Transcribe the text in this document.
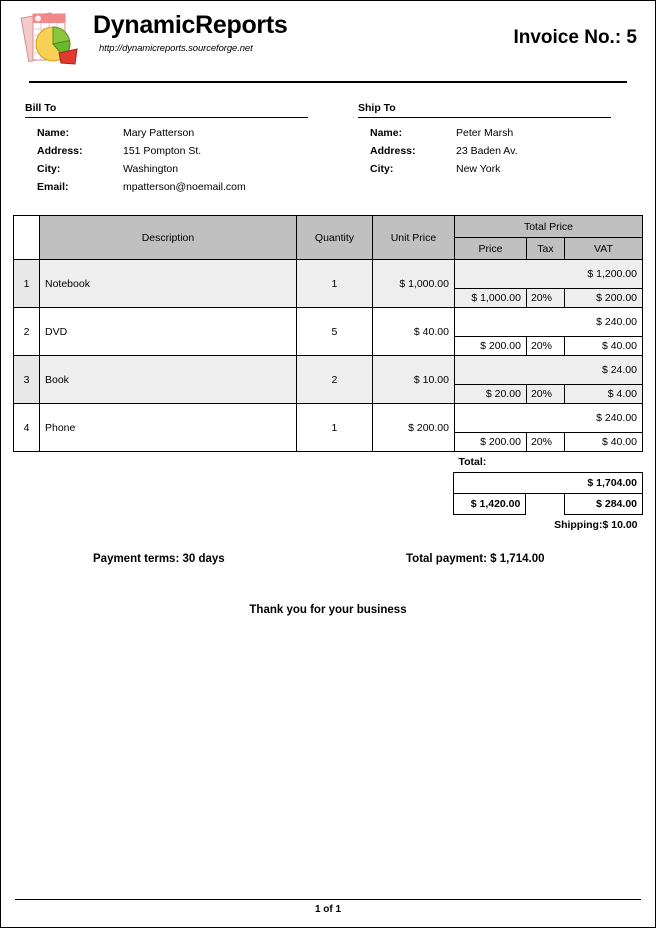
DynamicReports
http://dynamicreports.sourceforge.net
Invoice No.: 5
Bill To
Name:	Mary Patterson
Address:	151 Pompton St.
City:	Washington
Email:	mpatterson@noemail.com
Ship To
Name:	Peter Marsh
Address:	23 Baden Av.
City:	New York
	Description	Quantity	Unit Price	Total Price		
				Price	Tax	VAT
1	Notebook	1	$ 1,000.00	$ 1,200.00		
				$ 1,000.00	20%	$ 200.00
2	DVD	5	$ 40.00	$ 240.00		
				$ 200.00	20%	$ 40.00
3	Book	2	$ 10.00	$ 24.00		
				$ 20.00	20%	$ 4.00
4	Phone	1	$ 200.00	$ 240.00		
				$ 200.00	20%	$ 40.00
Total:
$ 1,704.00
$ 1,420.00		$ 284.00
Shipping:$ 10.00
Payment terms: 30 days	Total payment: $ 1,714.00
Thank you for your business
1 of 1
